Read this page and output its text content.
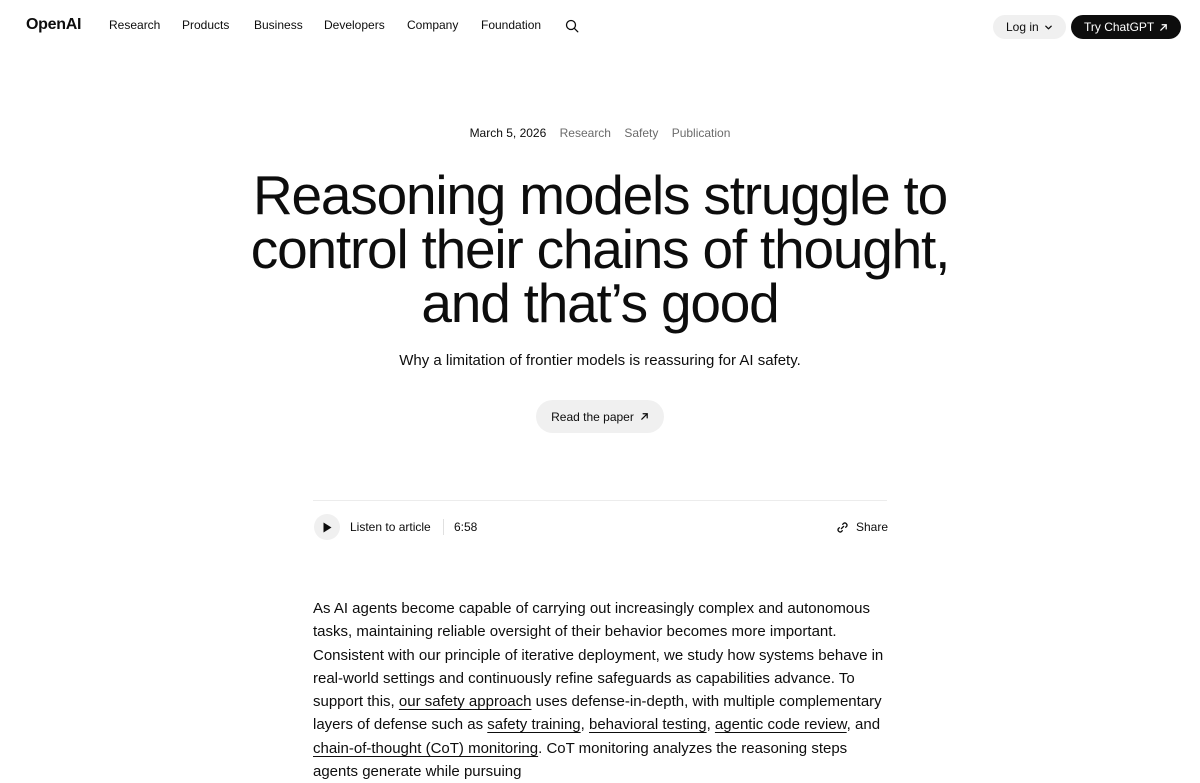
OpenAI Research Products Business Developers Company Foundation	Log in	Try ChatGPT
March 5, 2026 Research Safety Publication
Reasoning models struggle to control their chains of thought, and that’s good

Why a limitation of frontier models is reassuring for AI safety.

Read the paper
Listen to article 6:58	Share

As AI agents become capable of carrying out increasingly complex and autonomous tasks, maintaining reliable oversight of their behavior becomes more important. Consistent with our principle of iterative deployment, we study how systems behave in real-world settings and continuously refine safeguards as capabilities advance. To support this, our safety approach uses defense-in-depth, with multiple complementary layers of defense such as safety training, behavioral testing, agentic code review, and chain-of-thought (CoT) monitoring. CoT monitoring analyzes the reasoning steps agents generate while pursuing
